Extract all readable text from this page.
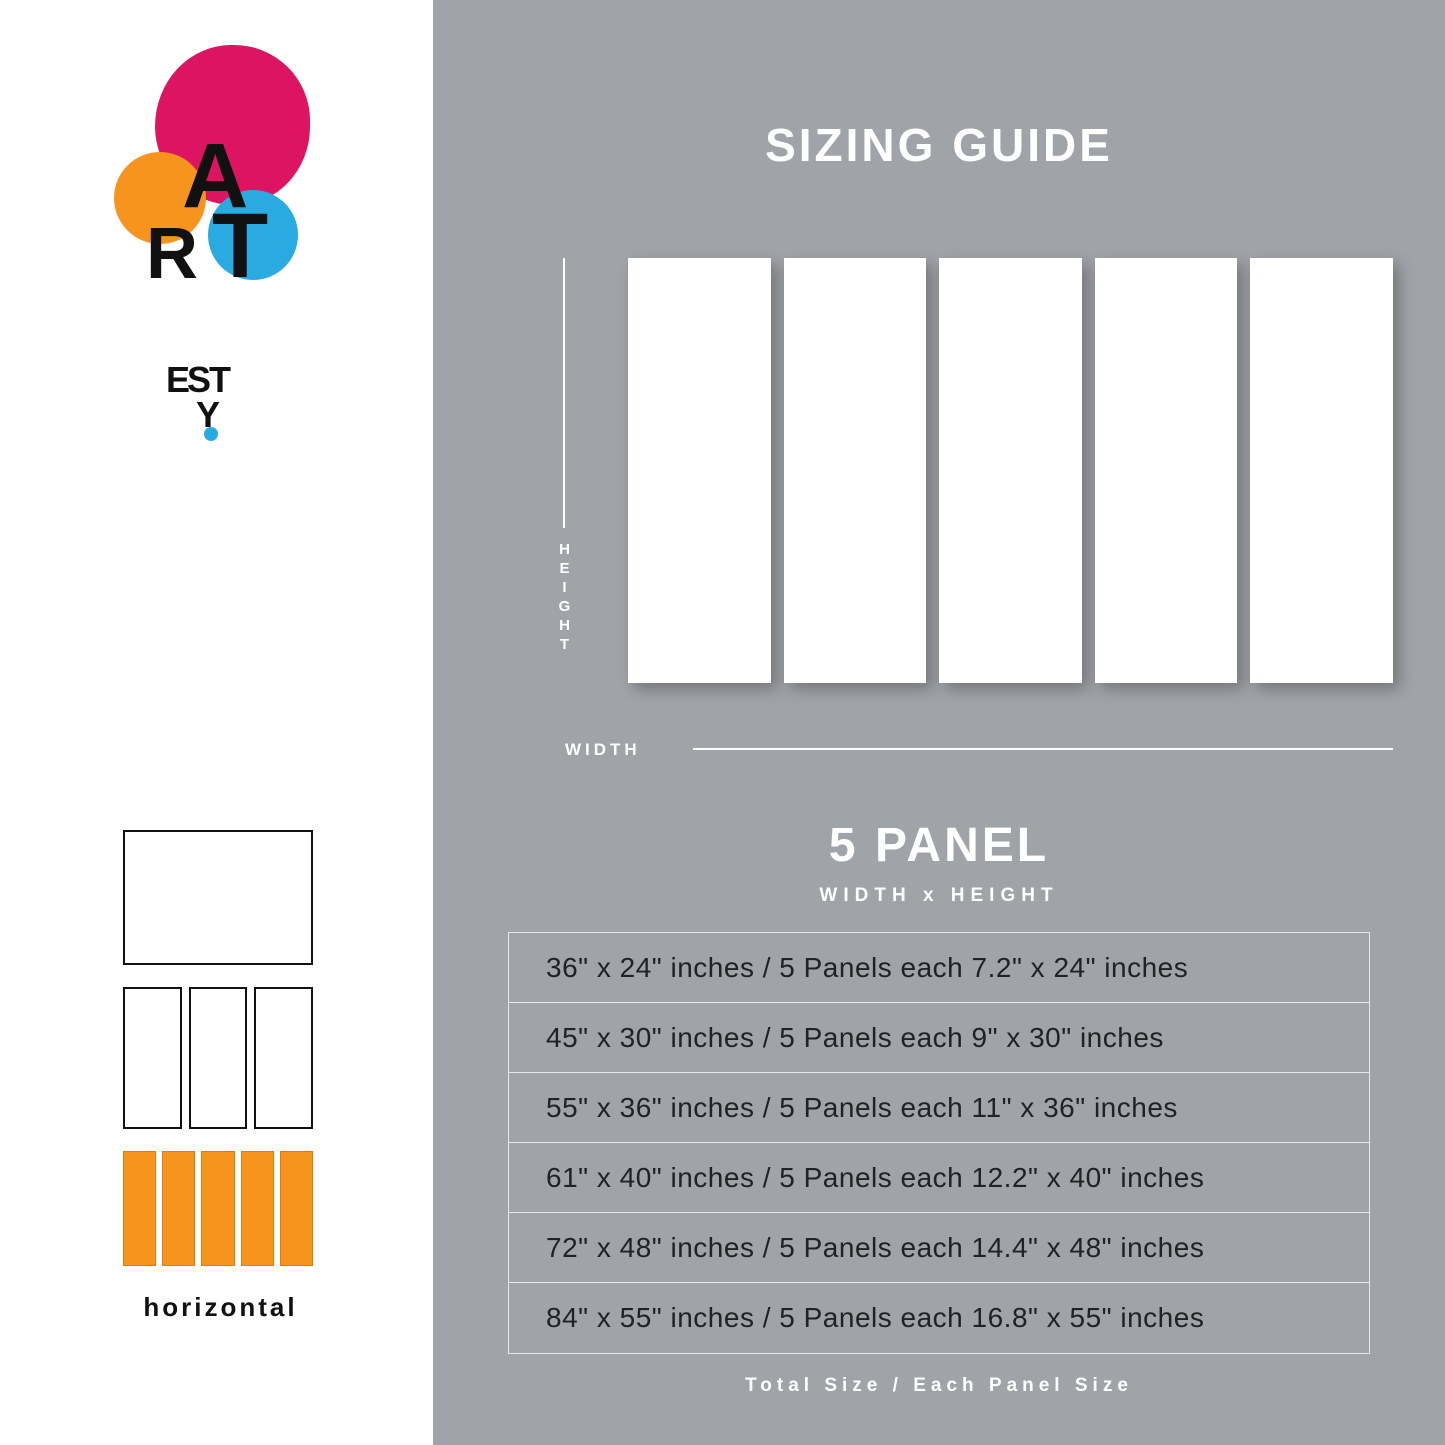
A
R T
E
S
T
Y
horizontal
SIZING GUIDE
H
E
I
G
H
T
WIDTH
5 PANEL
WIDTH x HEIGHT
36" x 24" inches / 5 Panels each 7.2" x 24" inches
45" x 30" inches / 5 Panels each 9" x 30" inches
55" x 36" inches / 5 Panels each 11" x 36" inches
61" x 40" inches / 5 Panels each 12.2" x 40" inches
72" x 48" inches / 5 Panels each 14.4" x 48" inches
84" x 55" inches / 5 Panels each 16.8" x 55" inches
Total Size / Each Panel Size
